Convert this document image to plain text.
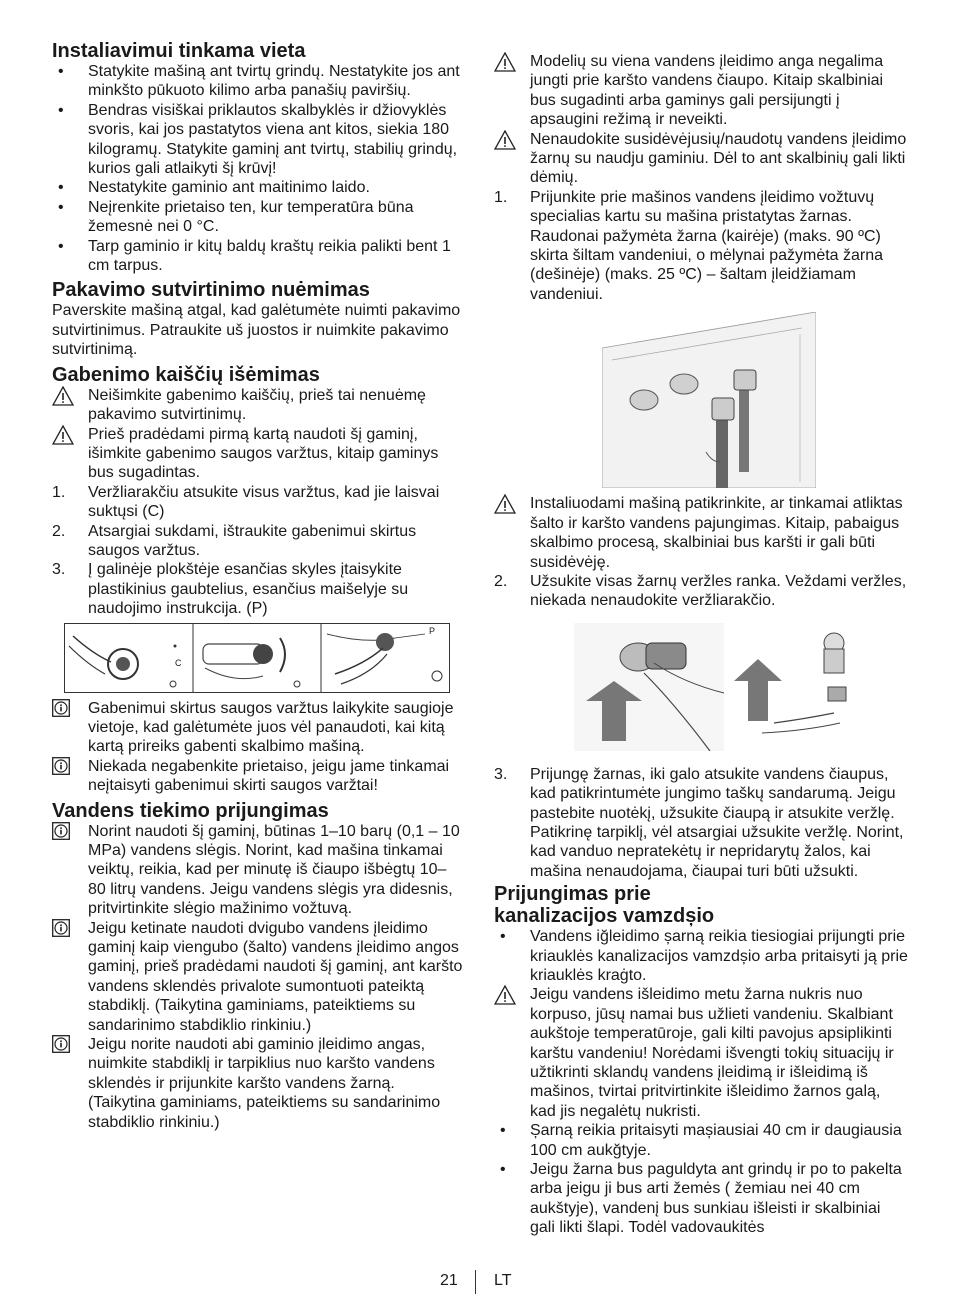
Instaliavimui tinkama vieta
•	Statykite mašiną ant tvirtų grindų. Nestatykite jos ant minkšto pūkuoto kilimo arba panašių paviršių.
•	Bendras visiškai priklautos skalbyklės ir džiovyklės svoris, kai jos pastatytos viena ant kitos, siekia 180 kilogramų. Statykite gaminį ant tvirtų, stabilių grindų, kurios gali atlaikyti šį krūvį!
•	Nestatykite gaminio ant maitinimo laido.
•	Neįrenkite prietaiso ten, kur temperatūra būna žemesnė nei 0 °C.
•	Tarp gaminio ir kitų baldų kraštų reikia palikti bent 1 cm tarpus.
Pakavimo sutvirtinimo nuėmimas

Paverskite mašiną atgal, kad galėtumėte nuimti pakavimo sutvirtinimus. Patraukite uš juostos ir nuimkite pakavimo sutvirtinimą.

Gabenimo kaiščių išėmimas
Neišimkite gabenimo kaiščių, prieš tai nenuėmę pakavimo sutvirtinimų.
Prieš pradėdami pirmą kartą naudoti šį gaminį, išimkite gabenimo saugos varžtus, kitaip gaminys bus sugadintas.
1.	Veržliarakčiu atsukite visus varžtus, kad jie laisvai suktųsi (C)
2.	Atsargiai sukdami, ištraukite gabenimui skirtus saugos varžtus.
3.	Į galinėje plokštėje esančias skyles įtaisykite plastikinius gaubtelius, esančius maišelyje su naudojimo instrukcija. (P)
C
P
Gabenimui skirtus saugos varžtus laikykite saugioje vietoje, kad galėtumėte juos vėl panaudoti, kai kitą kartą prireiks gabenti skalbimo mašiną.
Niekada negabenkite prietaiso, jeigu jame tinkamai neįtaisyti gabenimui skirti saugos varžtai!
Vandens tiekimo prijungimas
Norint naudoti šį gaminį, būtinas 1–10 barų (0,1 – 10 MPa) vandens slėgis. Norint, kad mašina tinkamai veiktų, reikia, kad per minutę iš čiaupo išbėgtų 10–80 litrų vandens. Jeigu vandens slėgis yra didesnis, pritvirtinkite slėgio mažinimo vožtuvą.
Jeigu ketinate naudoti dvigubo vandens įleidimo gaminį kaip viengubo (šalto) vandens įleidimo angos gaminį, prieš pradėdami naudoti šį gaminį, ant karšto vandens sklendės privalote sumontuoti pateiktą stabdiklį. (Taikytina gaminiams, pateiktiems su sandarinimo stabdiklio rinkiniu.)
Jeigu norite naudoti abi gaminio įleidimo angas, nuimkite stabdiklį ir tarpiklius nuo karšto vandens sklendės ir prijunkite karšto vandens žarną. (Taikytina gaminiams, pateiktiems su sandarinimo stabdiklio rinkiniu.)
Modelių su viena vandens įleidimo anga negalima jungti prie karšto vandens čiaupo. Kitaip skalbiniai bus sugadinti arba gaminys gali persijungti į apsaugini režimą ir neveikti.
Nenaudokite susidėvėjusių/naudotų vandens įleidimo žarnų su naudju gaminiu. Dėl to ant skalbinių gali likti dėmių.
1.	Prijunkite prie mašinos vandens įleidimo vožtuvų specialias kartu su mašina pristatytas žarnas. Raudonai pažymėta žarna (kairėje) (maks. 90 ºC) skirta šiltam vandeniui, o mėlynai pažymėta žarna (dešinėje) (maks. 25 ºC) – šaltam įleidžiamam vandeniui.
Instaliuodami mašiną patikrinkite, ar tinkamai atliktas šalto ir karšto vandens pajungimas. Kitaip, pabaigus skalbimo procesą, skalbiniai bus karšti ir gali būti susidėvėję.
2.	Užsukite visas žarnų veržles ranka. Veždami veržles, niekada nenaudokite veržliarakčio.
3.	Prijungę žarnas, iki galo atsukite vandens čiaupus, kad patikrintumėte jungimo taškų sandarumą. Jeigu pastebite nuotėkį, užsukite čiaupą ir atsukite veržlę. Patikrinę tarpiklį, vėl atsargiai užsukite veržlę. Norint, kad vanduo nepratekėtų ir nepridarytų žalos, kai mašina nenaudojama, čiaupai turi būti užsukti.
Prijungimas prie
kanalizacijos vamzdșio
•	Vandens iğleidimo șarną reikia tiesiogiai prijungti prie kriauklės kanalizacijos vamzdșio arba pritaisyti ją prie kriauklės kraġto.
Jeigu vandens išleidimo metu žarna nukris nuo korpuso, jūsų namai bus užlieti vandeniu. Skalbiant aukštoje temperatūroje, gali kilti pavojus apsiplikinti karštu vandeniu! Norėdami išvengti tokių situacijų ir užtikrinti sklandų vandens įleidimą ir išleidimą iš mašinos, tvirtai pritvirtinkite išleidimo žarnos galą, kad jis negalėtų nukristi.
•	Șarną reikia pritaisyti mașiausiai 40 cm ir daugiausia 100 cm aukğtyje.
•	Jeigu žarna bus paguldyta ant grindų ir po to pakelta arba jeigu ji bus arti žemės ( žemiau nei 40 cm aukštyje), vandenį bus sunkiau išleisti ir skalbiniai gali likti šlapi. Todėl vadovaukitės
21 LT
